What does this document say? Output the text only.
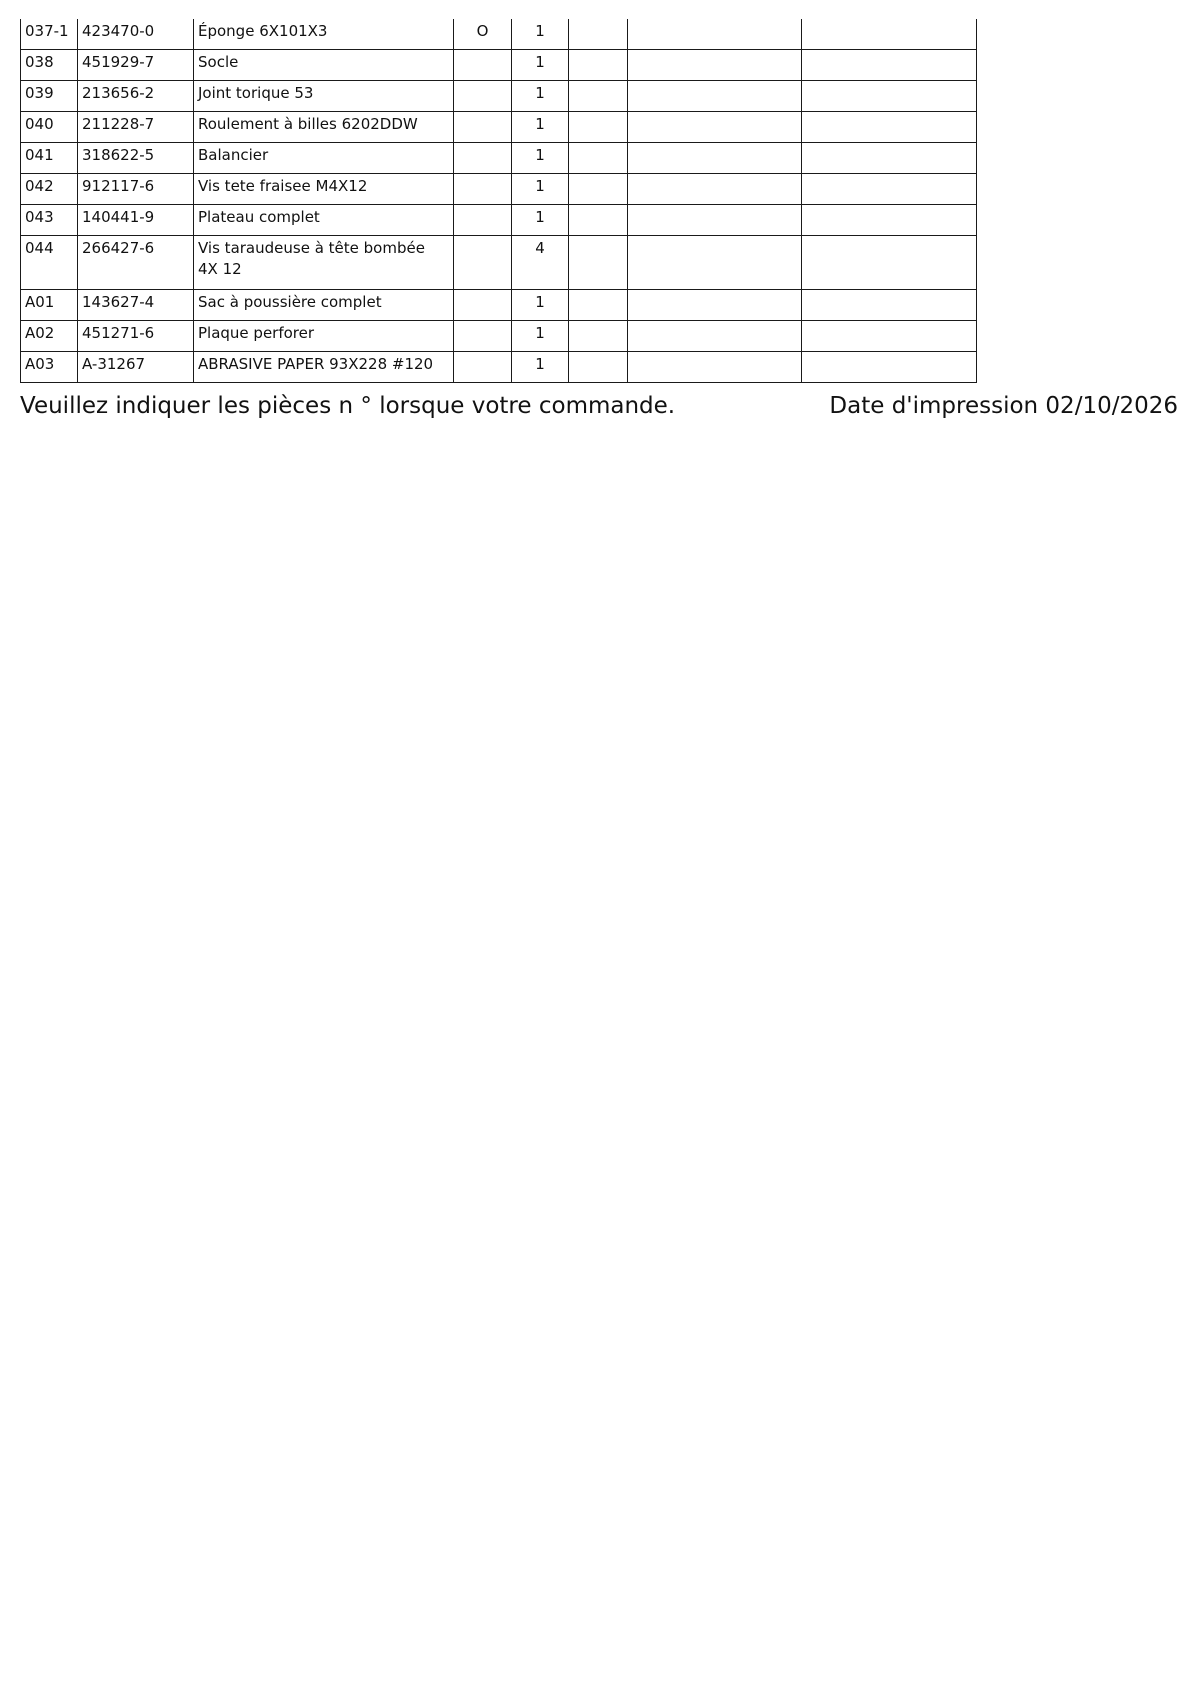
037-1	423470-0	Éponge 6X101X3	O	1			
038	451929-7	Socle		1			
039	213656-2	Joint torique 53		1			
040	211228-7	Roulement à billes 6202DDW		1			
041	318622-5	Balancier		1			
042	912117-6	Vis tete fraisee M4X12		1			
043	140441-9	Plateau complet		1			
044	266427-6	Vis taraudeuse à tête bombée 4X 12		4			
A01	143627-4	Sac à poussière complet		1			
A02	451271-6	Plaque perforer		1			
A03	A-31267	ABRASIVE PAPER 93X228 #120		1			
Veuillez indiquer les pièces n ° lorsque votre commande.	Date d'impression 02/10/2026
